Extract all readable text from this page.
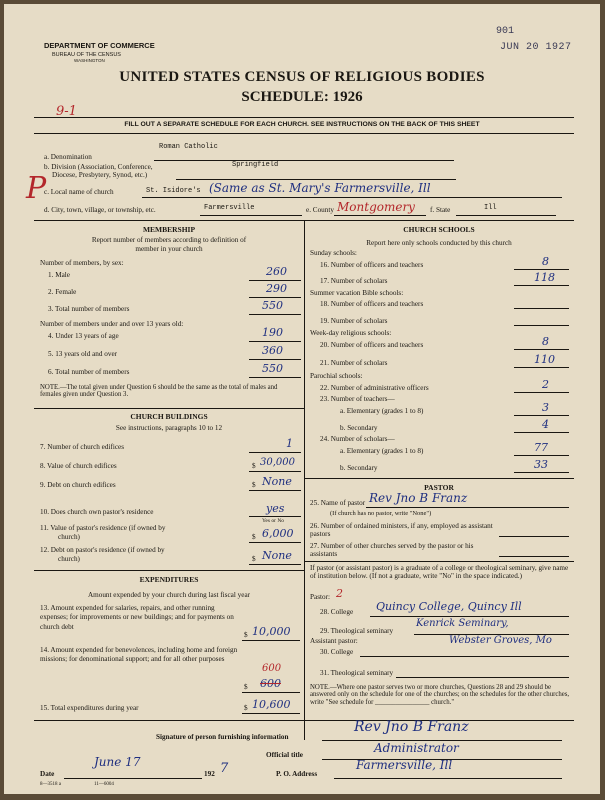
901
JUN 20 1927
DEPARTMENT OF COMMERCE
BUREAU OF THE CENSUS
WASHINGTON
UNITED STATES CENSUS OF RELIGIOUS BODIES
SCHEDULE: 1926
9-1
FILL OUT A SEPARATE SCHEDULE FOR EACH CHURCH. SEE INSTRUCTIONS ON THE BACK OF THIS SHEET
a. Denomination
Roman Catholic
b. Division (Association, Conference,
Diocese, Presbytery, Synod, etc.)
Springfield
c. Local name of church	St. Isidore's (Same as St. Mary's Farmersville, Ill
P
d. City, town, village, or township, etc.	Farmersville	e. County Montgomery f. State	Ill
MEMBERSHIP
Report number of members according to definition of
member in your church
Number of members, by sex:
1. Male	260
2. Female	290
3. Total number of members	550
Number of members under and over 13 years old:
4. Under 13 years of age	190
5. 13 years old and over	360
6. Total number of members	550
NOTE.—The total given under Question 6 should be the same as the total of males and females given under Question 3.
CHURCH BUILDINGS
See instructions, paragraphs 10 to 12
7. Number of church edifices	1
8. Value of church edifices	$ 30,000
9. Debt on church edifices	$ None
10. Does church own pastor's residence	yes
Yes or No
11. Value of pastor's residence (if owned by
church)	$ 6,000
12. Debt on pastor's residence (if owned by
church)	$ None
EXPENDITURES
Amount expended by your church during last fiscal year
13. Amount expended for salaries, repairs, and other running expenses; for improvements or new buildings; and for payments on church debt
$ 10,000
14. Amount expended for benevolences, including home and foreign missions; for denominational support; and for all other purposes
600
$ 600
15. Total expenditures during year	$ 10,600
CHURCH SCHOOLS
Report here only schools conducted by this church
Sunday schools:
16. Number of officers and teachers	8
17. Number of scholars	118
Summer vacation Bible schools:
18. Number of officers and teachers
19. Number of scholars
Week-day religious schools:
20. Number of officers and teachers	8
21. Number of scholars	110
Parochial schools:
22. Number of administrative officers	2
23. Number of teachers—
a. Elementary (grades 1 to 8)	3
b. Secondary	4
24. Number of scholars—
a. Elementary (grades 1 to 8)	77
b. Secondary	33
PASTOR
25. Name of pastor Rev Jno B Franz
(If church has no pastor, write "None")
26. Number of ordained ministers, if any, employed as assistant pastors
27. Number of other churches served by the pastor or his assistants
If pastor (or assistant pastor) is a graduate of a college or theological seminary, give name of institution below. (If not a graduate, write "No" in the space indicated.)
Pastor: 2
28. College Quincy College, Quincy Ill
29. Theological seminary
Kenrick Seminary,
Webster Groves, Mo
Assistant pastor:
30. College
31. Theological seminary
NOTE.—Where one pastor serves two or more churches, Questions 28 and 29 should be answered only on the schedule for one of the churches; on the schedules for the other churches, write "See schedule for ________________ church."
Signature of person furnishing information
Rev Jno B Franz
Official title	Administrator
Date
June 17
192 7	P. O. Address
Farmersville, Ill
8—3518 a	11—6004
